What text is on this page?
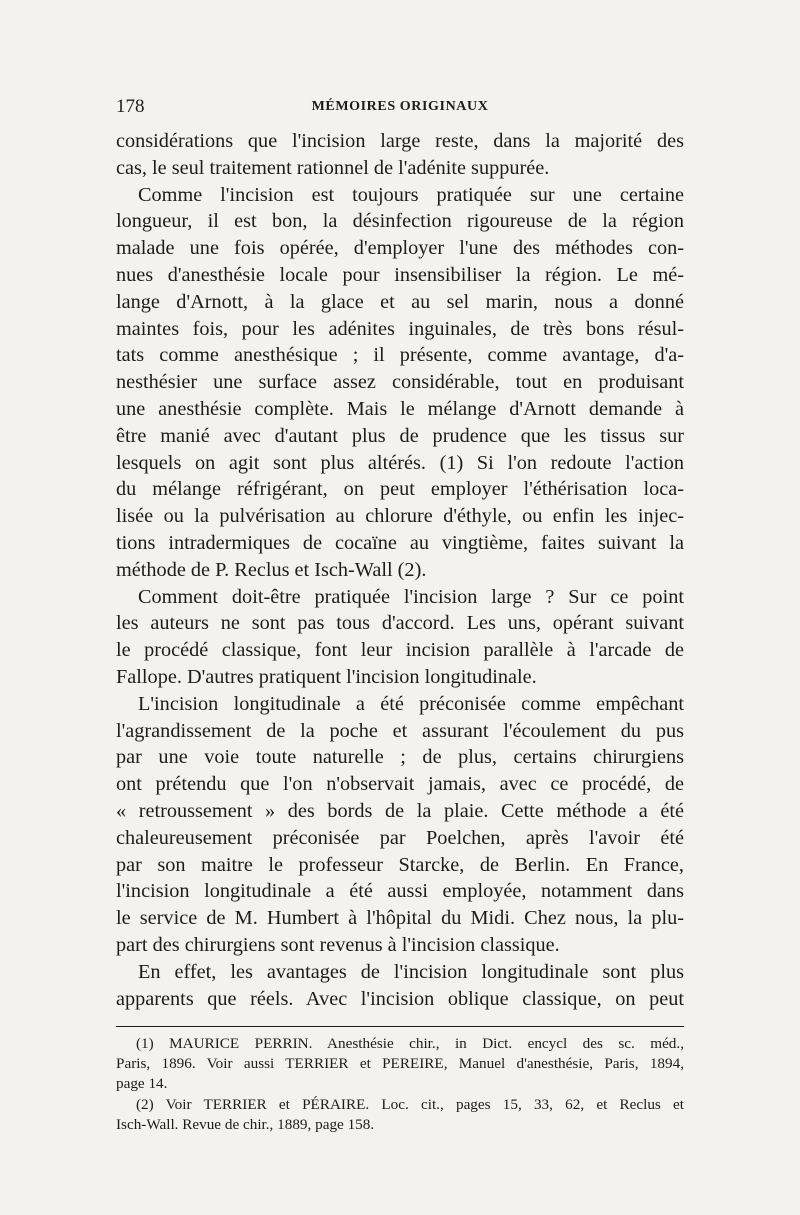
178	MÉMOIRES ORIGINAUX
considérations que l'incision large reste, dans la majorité des
cas, le seul traitement rationnel de l'adénite suppurée.
Comme l'incision est toujours pratiquée sur une certaine
longueur, il est bon, la désinfection rigoureuse de la région
malade une fois opérée, d'employer l'une des méthodes con-
nues d'anesthésie locale pour insensibiliser la région. Le mé-
lange d'Arnott, à la glace et au sel marin, nous a donné
maintes fois, pour les adénites inguinales, de très bons résul-
tats comme anesthésique ; il présente, comme avantage, d'a-
nesthésier une surface assez considérable, tout en produisant
une anesthésie complète. Mais le mélange d'Arnott demande à
être manié avec d'autant plus de prudence que les tissus sur
lesquels on agit sont plus altérés. (1) Si l'on redoute l'action
du mélange réfrigérant, on peut employer l'éthérisation loca-
lisée ou la pulvérisation au chlorure d'éthyle, ou enfin les injec-
tions intradermiques de cocaïne au vingtième, faites suivant la
méthode de P. Reclus et Isch-Wall (2).
Comment doit-être pratiquée l'incision large ? Sur ce point
les auteurs ne sont pas tous d'accord. Les uns, opérant suivant
le procédé classique, font leur incision parallèle à l'arcade de
Fallope. D'autres pratiquent l'incision longitudinale.
L'incision longitudinale a été préconisée comme empêchant
l'agrandissement de la poche et assurant l'écoulement du pus
par une voie toute naturelle ; de plus, certains chirurgiens
ont prétendu que l'on n'observait jamais, avec ce procédé, de
« retroussement » des bords de la plaie. Cette méthode a été
chaleureusement préconisée par Poelchen, après l'avoir été
par son maitre le professeur Starcke, de Berlin. En France,
l'incision longitudinale a été aussi employée, notamment dans
le service de M. Humbert à l'hôpital du Midi. Chez nous, la plu-
part des chirurgiens sont revenus à l'incision classique.
En effet, les avantages de l'incision longitudinale sont plus
apparents que réels. Avec l'incision oblique classique, on peut
(1) MAURICE PERRIN. Anesthésie chir., in Dict. encycl des sc. méd.,
Paris, 1896. Voir aussi TERRIER et PEREIRE, Manuel d'anesthésie, Paris, 1894,
page 14.
(2) Voir TERRIER et PÉRAIRE. Loc. cit., pages 15, 33, 62, et Reclus et
Isch-Wall. Revue de chir., 1889, page 158.
